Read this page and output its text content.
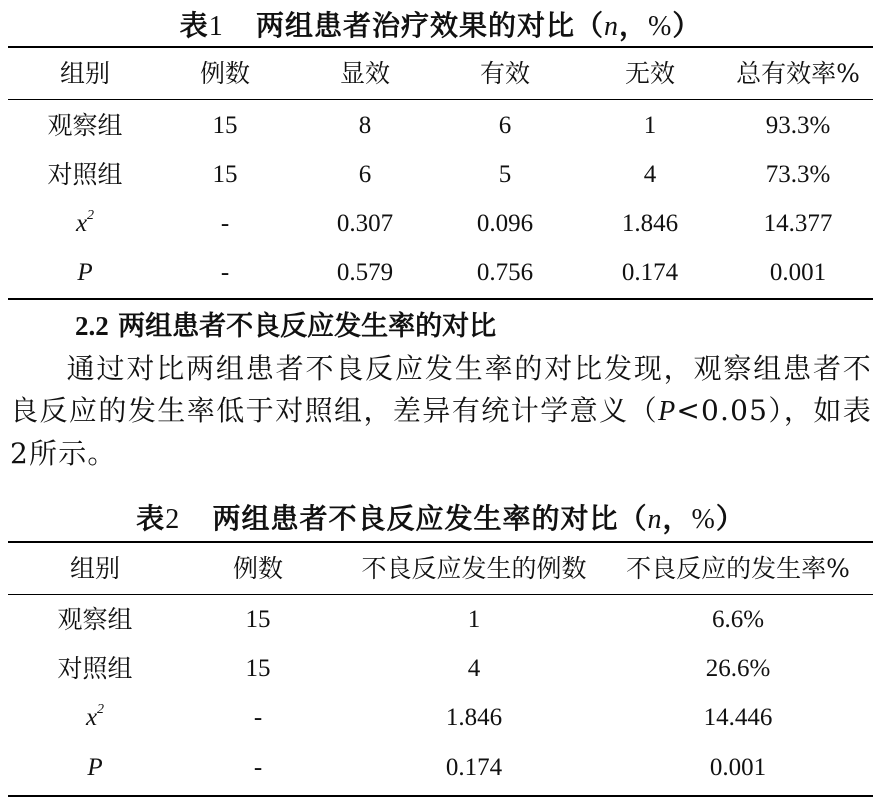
表1 两组患者治疗效果的对比（n，%）
组别	例数	显效	有效	无效	总有效率%
观察组	15	8	6	1	93.3%
对照组	15	6	5	4	73.3%
$x^2$	-	0.307	0.096	1.846	14.377
P	-	0.579	0.756	0.174	0.001
2.2 两组患者不良反应发生率的对比
通过对比两组患者不良反应发生率的对比发现，观察组患者不良反应的发生率低于对照组，差异有统计学意义（P<0.05），如表2所示。
表2 两组患者不良反应发生率的对比（n，%）
组别	例数	不良反应发生的例数	不良反应的发生率%
观察组	15	1	6.6%
对照组	15	4	26.6%
$x^2$	-	1.846	14.446
P	-	0.174	0.001
